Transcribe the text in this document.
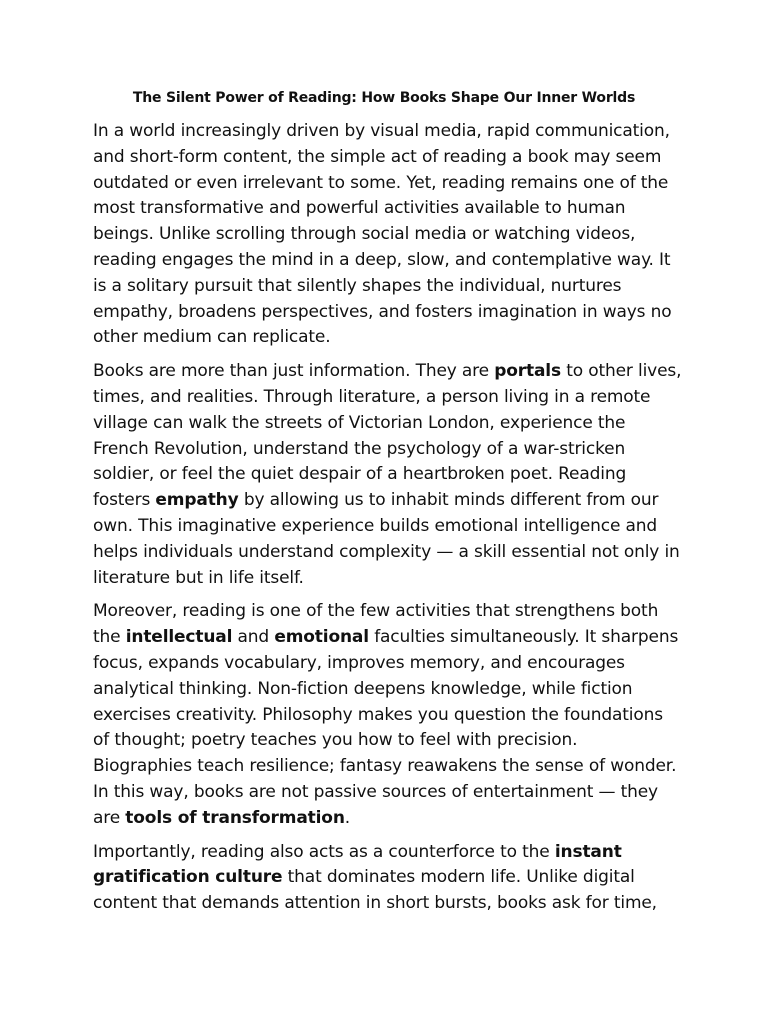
The Silent Power of Reading: How Books Shape Our Inner Worlds

In a world increasingly driven by visual media, rapid communication,
and short-form content, the simple act of reading a book may seem
outdated or even irrelevant to some. Yet, reading remains one of the
most transformative and powerful activities available to human
beings. Unlike scrolling through social media or watching videos,
reading engages the mind in a deep, slow, and contemplative way. It
is a solitary pursuit that silently shapes the individual, nurtures
empathy, broadens perspectives, and fosters imagination in ways no
other medium can replicate.

Books are more than just information. They are portals to other lives,
times, and realities. Through literature, a person living in a remote
village can walk the streets of Victorian London, experience the
French Revolution, understand the psychology of a war-stricken
soldier, or feel the quiet despair of a heartbroken poet. Reading
fosters empathy by allowing us to inhabit minds different from our
own. This imaginative experience builds emotional intelligence and
helps individuals understand complexity — a skill essential not only in
literature but in life itself.

Moreover, reading is one of the few activities that strengthens both
the intellectual and emotional faculties simultaneously. It sharpens
focus, expands vocabulary, improves memory, and encourages
analytical thinking. Non-fiction deepens knowledge, while fiction
exercises creativity. Philosophy makes you question the foundations
of thought; poetry teaches you how to feel with precision.
Biographies teach resilience; fantasy reawakens the sense of wonder.
In this way, books are not passive sources of entertainment — they
are tools of transformation.

Importantly, reading also acts as a counterforce to the instant
gratification culture that dominates modern life. Unlike digital
content that demands attention in short bursts, books ask for time,
